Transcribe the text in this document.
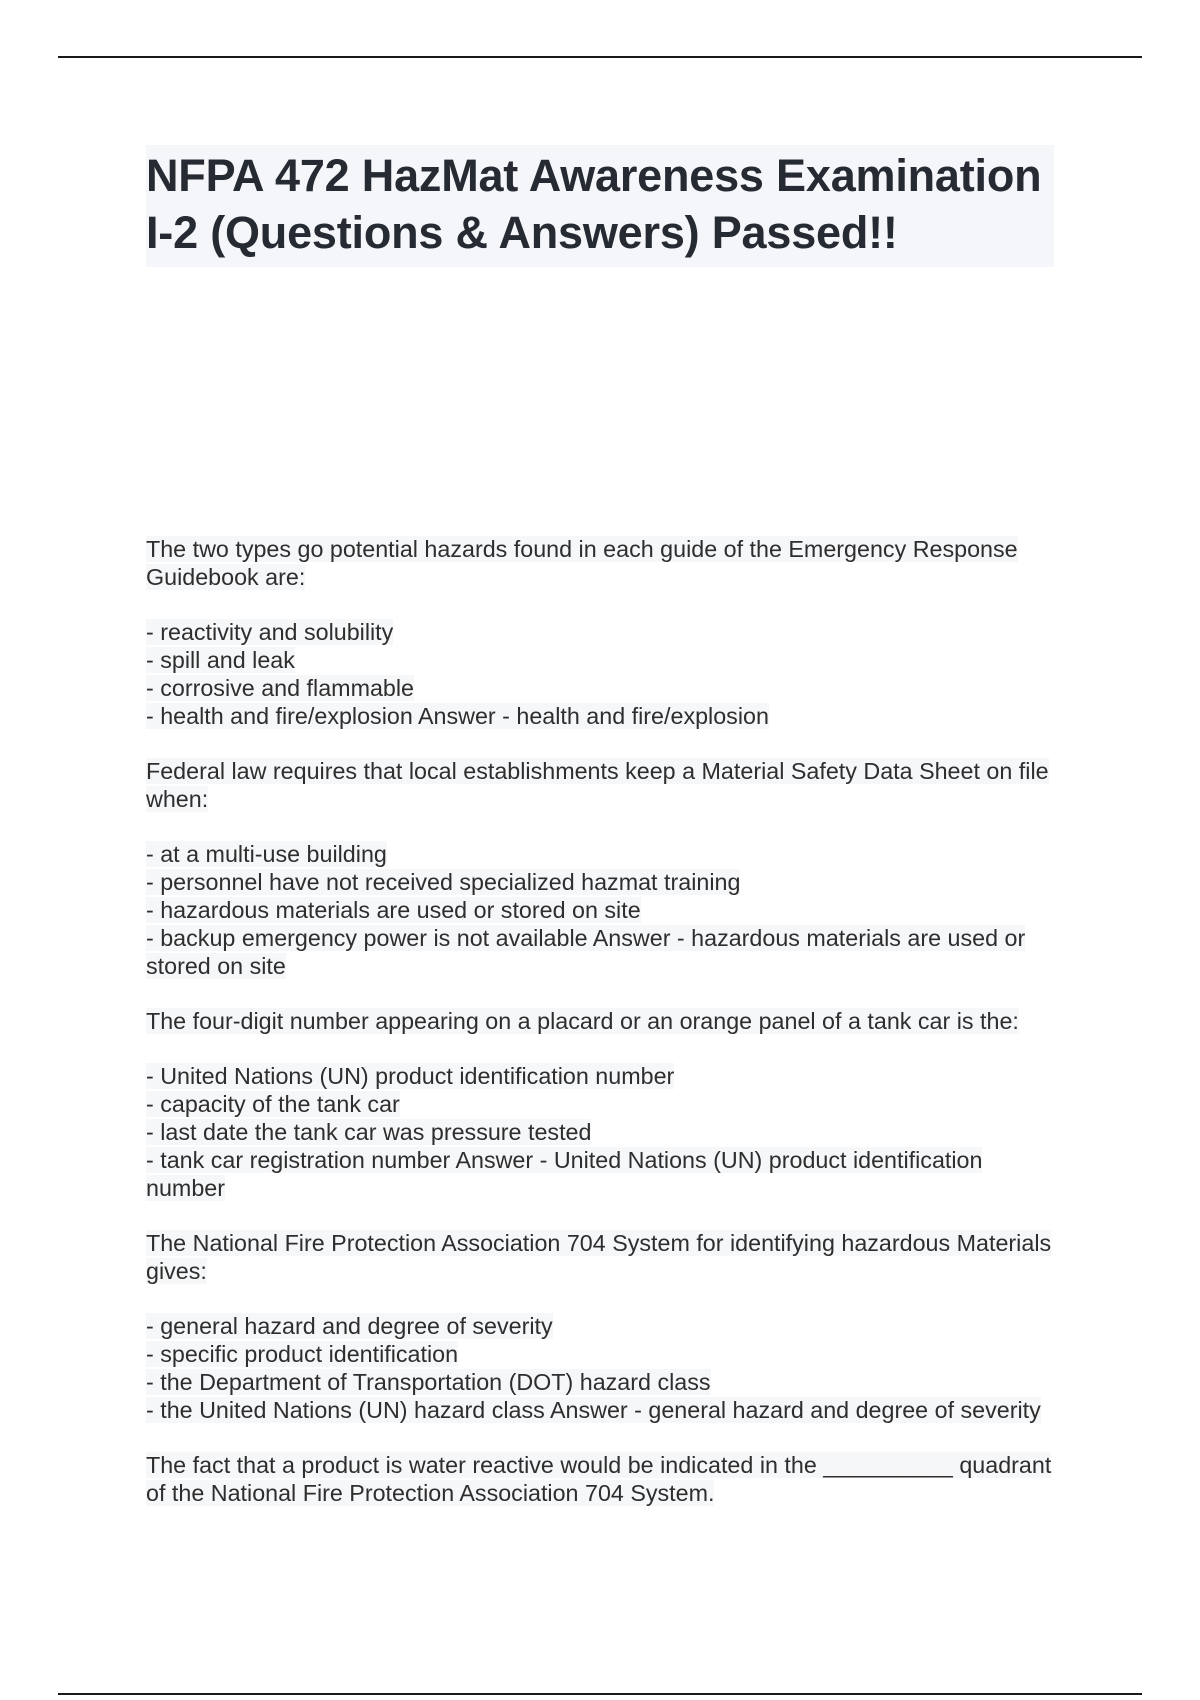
NFPA 472 HazMat Awareness Examination I-2 (Questions & Answers) Passed!!

The two types go potential hazards found in each guide of the Emergency Response Guidebook are:

- reactivity and solubility

- spill and leak

- corrosive and flammable

- health and fire/explosion Answer - health and fire/explosion

Federal law requires that local establishments keep a Material Safety Data Sheet on file when:

- at a multi-use building

- personnel have not received specialized hazmat training

- hazardous materials are used or stored on site

- backup emergency power is not available Answer - hazardous materials are used or stored on site

The four-digit number appearing on a placard or an orange panel of a tank car is the:

- United Nations (UN) product identification number

- capacity of the tank car

- last date the tank car was pressure tested

- tank car registration number Answer - United Nations (UN) product identification number

The National Fire Protection Association 704 System for identifying hazardous Materials gives:

- general hazard and degree of severity

- specific product identification

- the Department of Transportation (DOT) hazard class

- the United Nations (UN) hazard class Answer - general hazard and degree of severity

The fact that a product is water reactive would be indicated in the __________ quadrant of the National Fire Protection Association 704 System.
